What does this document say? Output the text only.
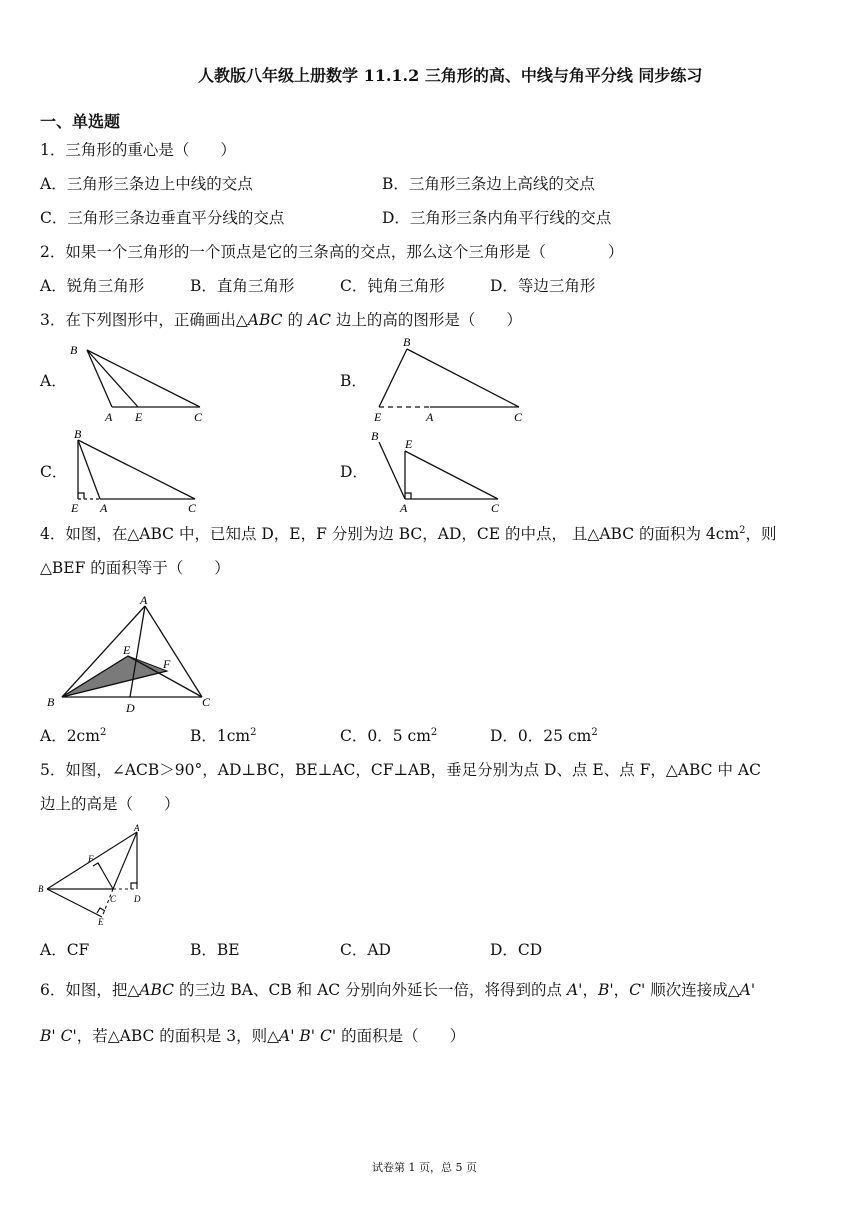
人教版八年级上册数学 11.1.2 三角形的高、中线与角平分线 同步练习
一、单选题
1．三角形的重心是（　　）
A．三角形三条边上中线的交点	B．三角形三条边上高线的交点
C．三角形三条边垂直平分线的交点	D．三角形三条内角平行线的交点
2．如果一个三角形的一个顶点是它的三条高的交点，那么这个三角形是（　　　　）
A．锐角三角形	B．直角三角形	C．钝角三角形	D．等边三角形
3．在下列图形中，正确画出△ABC 的 AC 边上的高的图形是（　　）
A．	B．
C．	D．
B
A E	C
B
E	A	C
B
E A	C
B
E
A	C
4．如图，在△ABC 中，已知点 D，E，F 分别为边 BC，AD，CE 的中点， 且△ABC 的面积为 $4cm^2$，则
△BEF 的面积等于（　　）
A
B	C
D
E
F
A．$2cm^2$	B．$1cm^2$	C．0．5 $cm^2$	D．0．25 $cm^2$
5．如图，∠ACB＞90°，AD⊥BC，BE⊥AC，CF⊥AB，垂足分别为点 D、点 E、点 F，△ABC 中 AC
边上的高是（　　）
A
B
C D
E
F
A．CF	B．BE	C．AD	D．CD
6．如图，把△ABC 的三边 BA、CB 和 AC 分别向外延长一倍，将得到的点 A'，B'，C' 顺次连接成△A'
B' C'，若△ABC 的面积是 3，则△A' B' C' 的面积是（　　）
试卷第 1 页，总 5 页
